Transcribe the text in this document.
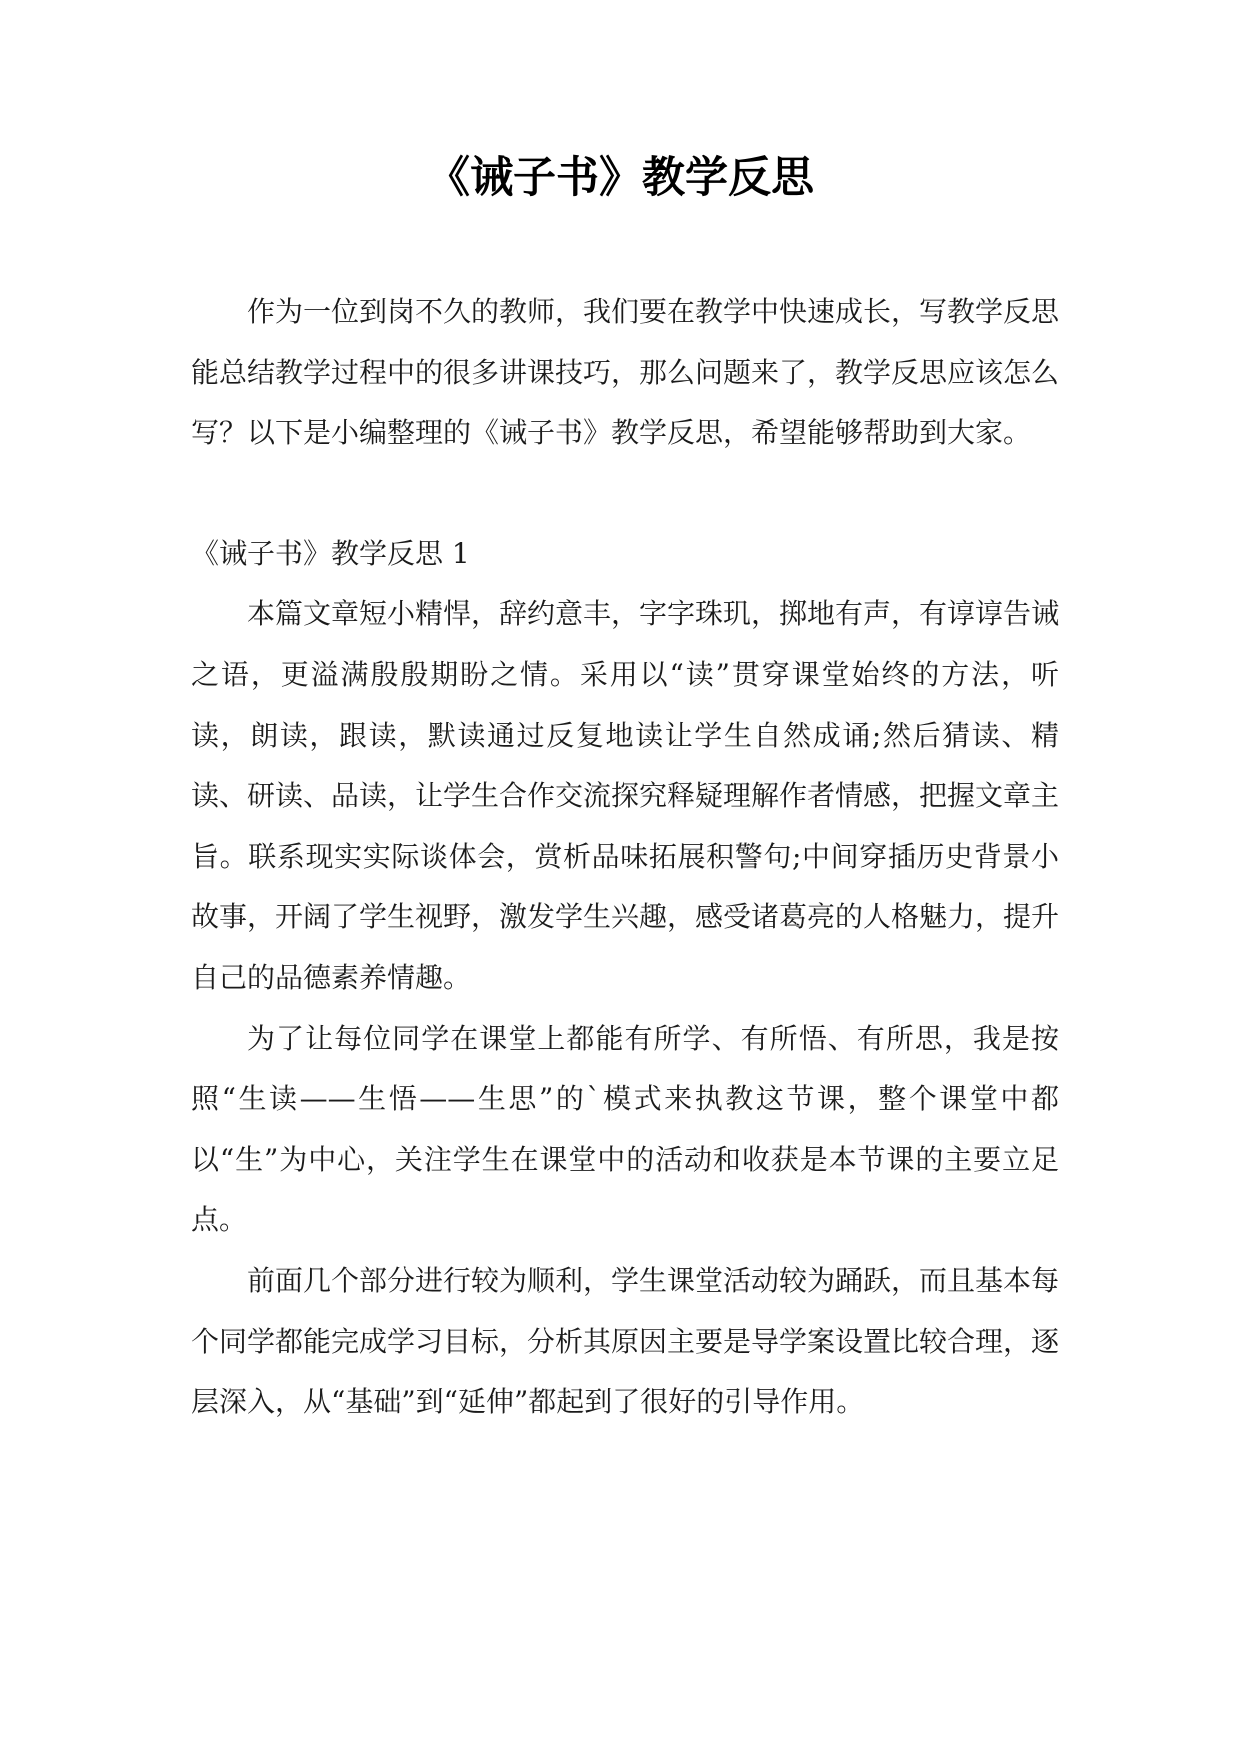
《诫子书》教学反思

作为一位到岗不久的教师，我们要在教学中快速成长，写教学反思能总结教学过程中的很多讲课技巧，那么问题来了，教学反思应该怎么写？以下是小编整理的《诫子书》教学反思，希望能够帮助到大家。

《诫子书》教学反思 1

本篇文章短小精悍，辞约意丰，字字珠玑，掷地有声，有谆谆告诫之语，更溢满殷殷期盼之情。采用以“读”贯穿课堂始终的方法，听读，朗读，跟读，默读通过反复地读让学生自然成诵;然后猜读、精读、研读、品读，让学生合作交流探究释疑理解作者情感，把握文章主旨。联系现实实际谈体会，赏析品味拓展积警句;中间穿插历史背景小故事，开阔了学生视野，激发学生兴趣，感受诸葛亮的人格魅力，提升自己的品德素养情趣。

为了让每位同学在课堂上都能有所学、有所悟、有所思，我是按照“生读——生悟——生思”的`模式来执教这节课，整个课堂中都以“生”为中心，关注学生在课堂中的活动和收获是本节课的主要立足点。

前面几个部分进行较为顺利，学生课堂活动较为踊跃，而且基本每个同学都能完成学习目标，分析其原因主要是导学案设置比较合理，逐层深入，从“基础”到“延伸”都起到了很好的引导作用。
